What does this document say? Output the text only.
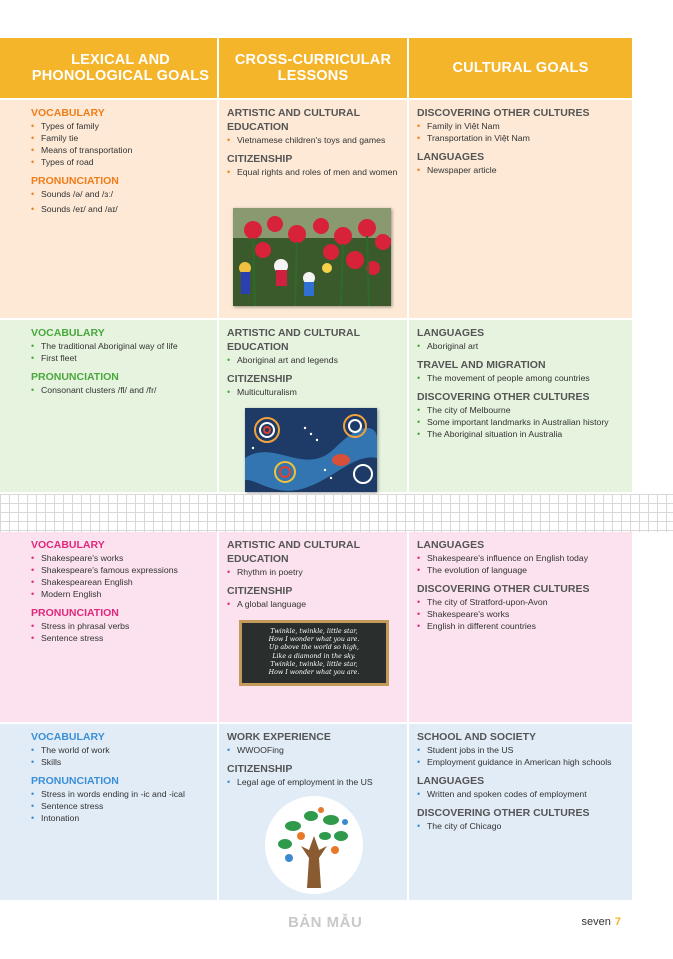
LEXICAL AND PHONOLOGICAL GOALS
CROSS-CURRICULAR LESSONS	CULTURAL GOALS
VOCABULARY
• Types of family
• Family tie
• Means of transportation
• Types of road
PRONUNCIATION
• Sounds /ə/ and /ɜː/
• Sounds /eɪ/ and /aɪ/
ARTISTIC AND CULTURAL EDUCATION
• Vietnamese children's toys and games
CITIZENSHIP
• Equal rights and roles of men and women
DISCOVERING OTHER CULTURES
• Family in Việt Nam
• Transportation in Việt Nam
LANGUAGES
• Newspaper article
VOCABULARY
• The traditional Aboriginal way of life
• First fleet
PRONUNCIATION
• Consonant clusters /fl/ and /fr/
ARTISTIC AND CULTURAL EDUCATION
• Aboriginal art and legends
CITIZENSHIP
• Multiculturalism
LANGUAGES
• Aboriginal art
TRAVEL AND MIGRATION
• The movement of people among countries
DISCOVERING OTHER CULTURES
• The city of Melbourne
• Some important landmarks in Australian history
• The Aboriginal situation in Australia
VOCABULARY
• Shakespeare's works
• Shakespeare's famous expressions
• Shakespearean English
• Modern English
PRONUNCIATION
• Stress in phrasal verbs
• Sentence stress
ARTISTIC AND CULTURAL EDUCATION
• Rhythm in poetry
CITIZENSHIP
• A global language
Twinkle, twinkle, little star,
How I wonder what you are.
Up above the world so high,
Like a diamond in the sky.
Twinkle, twinkle, little star,
How I wonder what you are.
LANGUAGES
• Shakespeare's influence on English today
• The evolution of language
DISCOVERING OTHER CULTURES
• The city of Stratford-upon-Avon
• Shakespeare's works
• English in different countries
VOCABULARY
• The world of work
• Skills
PRONUNCIATION
• Stress in words ending in -ic and -ical
• Sentence stress
• Intonation
WORK EXPERIENCE
• WWOOFing
CITIZENSHIP
• Legal age of employment in the US
SCHOOL AND SOCIETY
• Student jobs in the US
• Employment guidance in American high schools
LANGUAGES
• Written and spoken codes of employment
DISCOVERING OTHER CULTURES
• The city of Chicago
BẢN MẪU	seven 7
